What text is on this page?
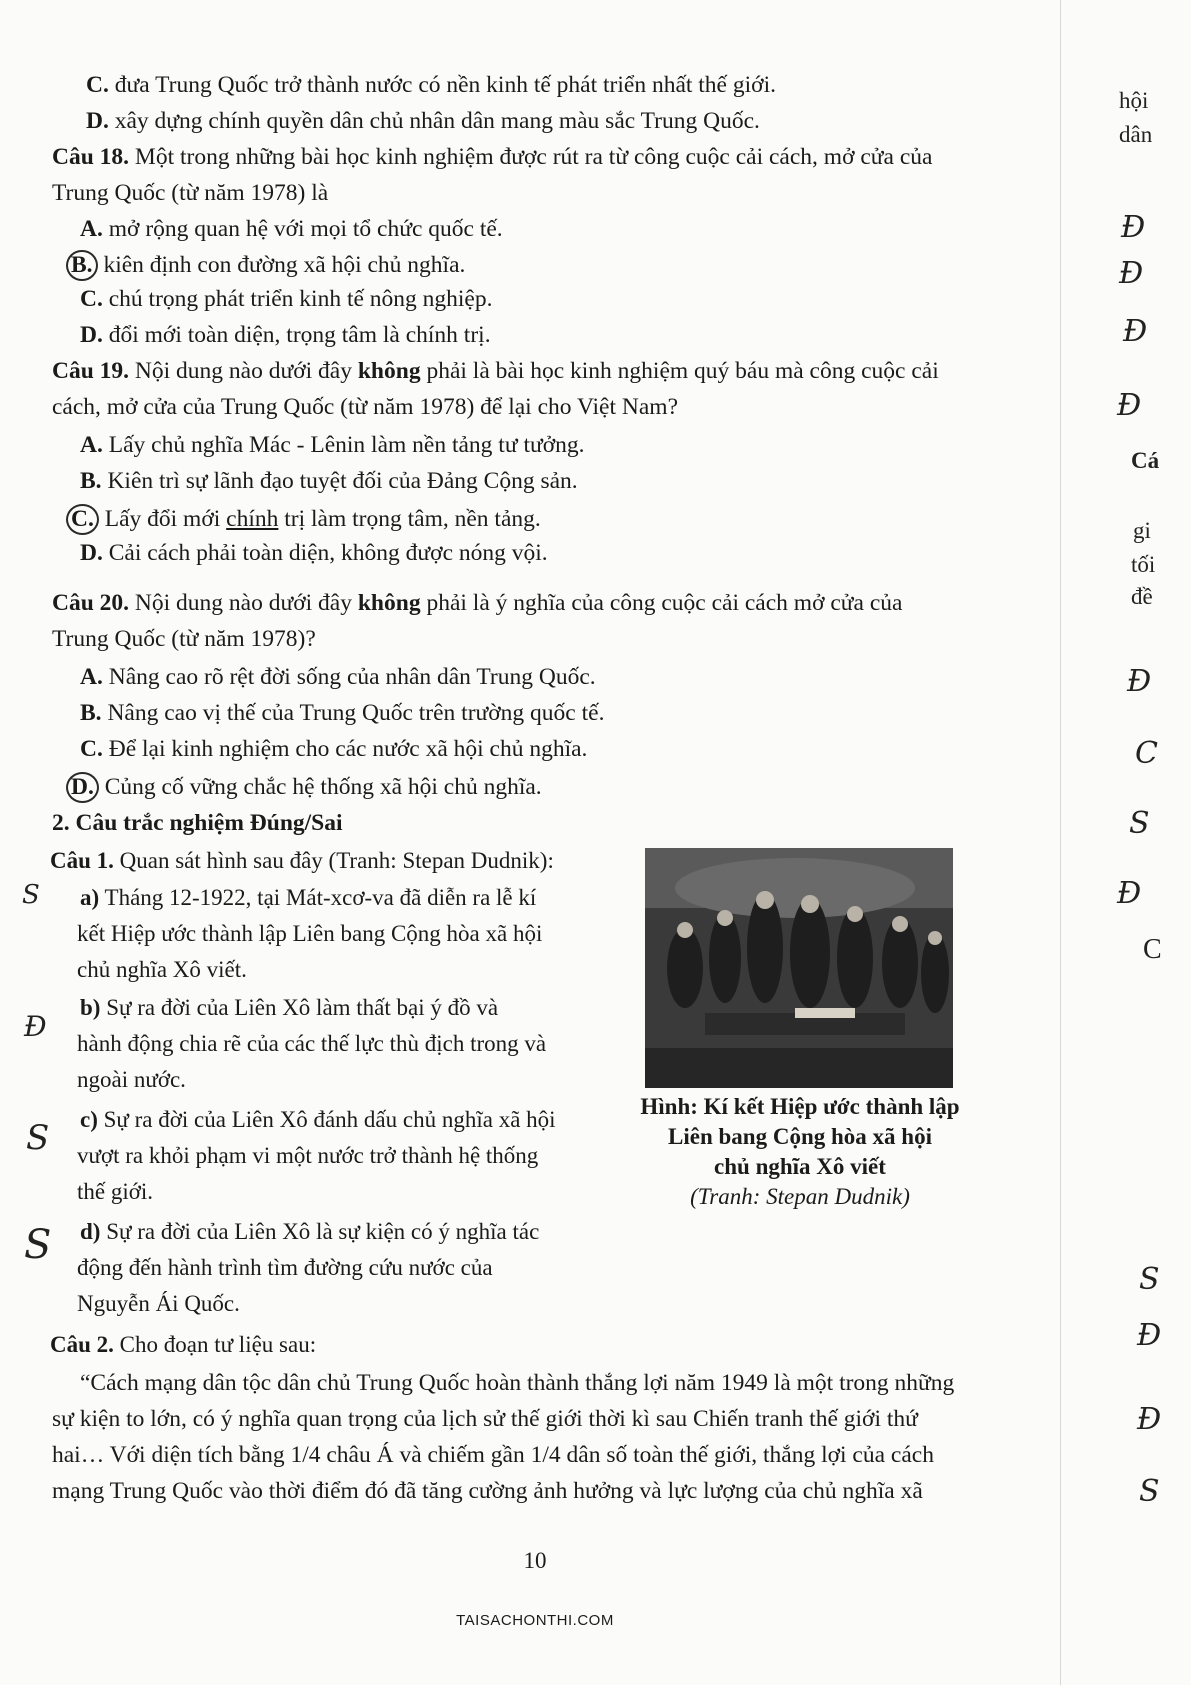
C. đưa Trung Quốc trở thành nước có nền kinh tế phát triển nhất thế giới.
D. xây dựng chính quyền dân chủ nhân dân mang màu sắc Trung Quốc.
Câu 18. Một trong những bài học kinh nghiệm được rút ra từ công cuộc cải cách, mở cửa của
Trung Quốc (từ năm 1978) là
A. mở rộng quan hệ với mọi tổ chức quốc tế.
B. kiên định con đường xã hội chủ nghĩa.
C. chú trọng phát triển kinh tế nông nghiệp.
D. đổi mới toàn diện, trọng tâm là chính trị.
Câu 19. Nội dung nào dưới đây không phải là bài học kinh nghiệm quý báu mà công cuộc cải
cách, mở cửa của Trung Quốc (từ năm 1978) để lại cho Việt Nam?
A. Lấy chủ nghĩa Mác - Lênin làm nền tảng tư tưởng.
B. Kiên trì sự lãnh đạo tuyệt đối của Đảng Cộng sản.
C. Lấy đổi mới chính trị làm trọng tâm, nền tảng.
D. Cải cách phải toàn diện, không được nóng vội.
Câu 20. Nội dung nào dưới đây không phải là ý nghĩa của công cuộc cải cách mở cửa của
Trung Quốc (từ năm 1978)?
A. Nâng cao rõ rệt đời sống của nhân dân Trung Quốc.
B. Nâng cao vị thế của Trung Quốc trên trường quốc tế.
C. Để lại kinh nghiệm cho các nước xã hội chủ nghĩa.
D. Củng cố vững chắc hệ thống xã hội chủ nghĩa.
2. Câu trắc nghiệm Đúng/Sai
Câu 1. Quan sát hình sau đây (Tranh: Stepan Dudnik):
a) Tháng 12-1922, tại Mát-xcơ-va đã diễn ra lễ kí
kết Hiệp ước thành lập Liên bang Cộng hòa xã hội
chủ nghĩa Xô viết.
b) Sự ra đời của Liên Xô làm thất bại ý đồ và
hành động chia rẽ của các thế lực thù địch trong và
ngoài nước.
c) Sự ra đời của Liên Xô đánh dấu chủ nghĩa xã hội
vượt ra khỏi phạm vi một nước trở thành hệ thống
thế giới.
d) Sự ra đời của Liên Xô là sự kiện có ý nghĩa tác
động đến hành trình tìm đường cứu nước của
Nguyễn Ái Quốc.
Hình: Kí kết Hiệp ước thành lập
Liên bang Cộng hòa xã hội
chủ nghĩa Xô viết
(Tranh: Stepan Dudnik)
Câu 2. Cho đoạn tư liệu sau:
“Cách mạng dân tộc dân chủ Trung Quốc hoàn thành thắng lợi năm 1949 là một trong những
sự kiện to lớn, có ý nghĩa quan trọng của lịch sử thế giới thời kì sau Chiến tranh thế giới thứ
hai… Với diện tích bằng 1/4 châu Á và chiếm gần 1/4 dân số toàn thế giới, thắng lợi của cách
mạng Trung Quốc vào thời điểm đó đã tăng cường ảnh hưởng và lực lượng của chủ nghĩa xã
S
Đ
S
S
hội
dân
Đ
Đ
Đ
Đ
Cá
gi
tối
đề
Đ
C
S
Đ
C
S
Đ
Đ
S
10
TAISACHONTHI.COM
